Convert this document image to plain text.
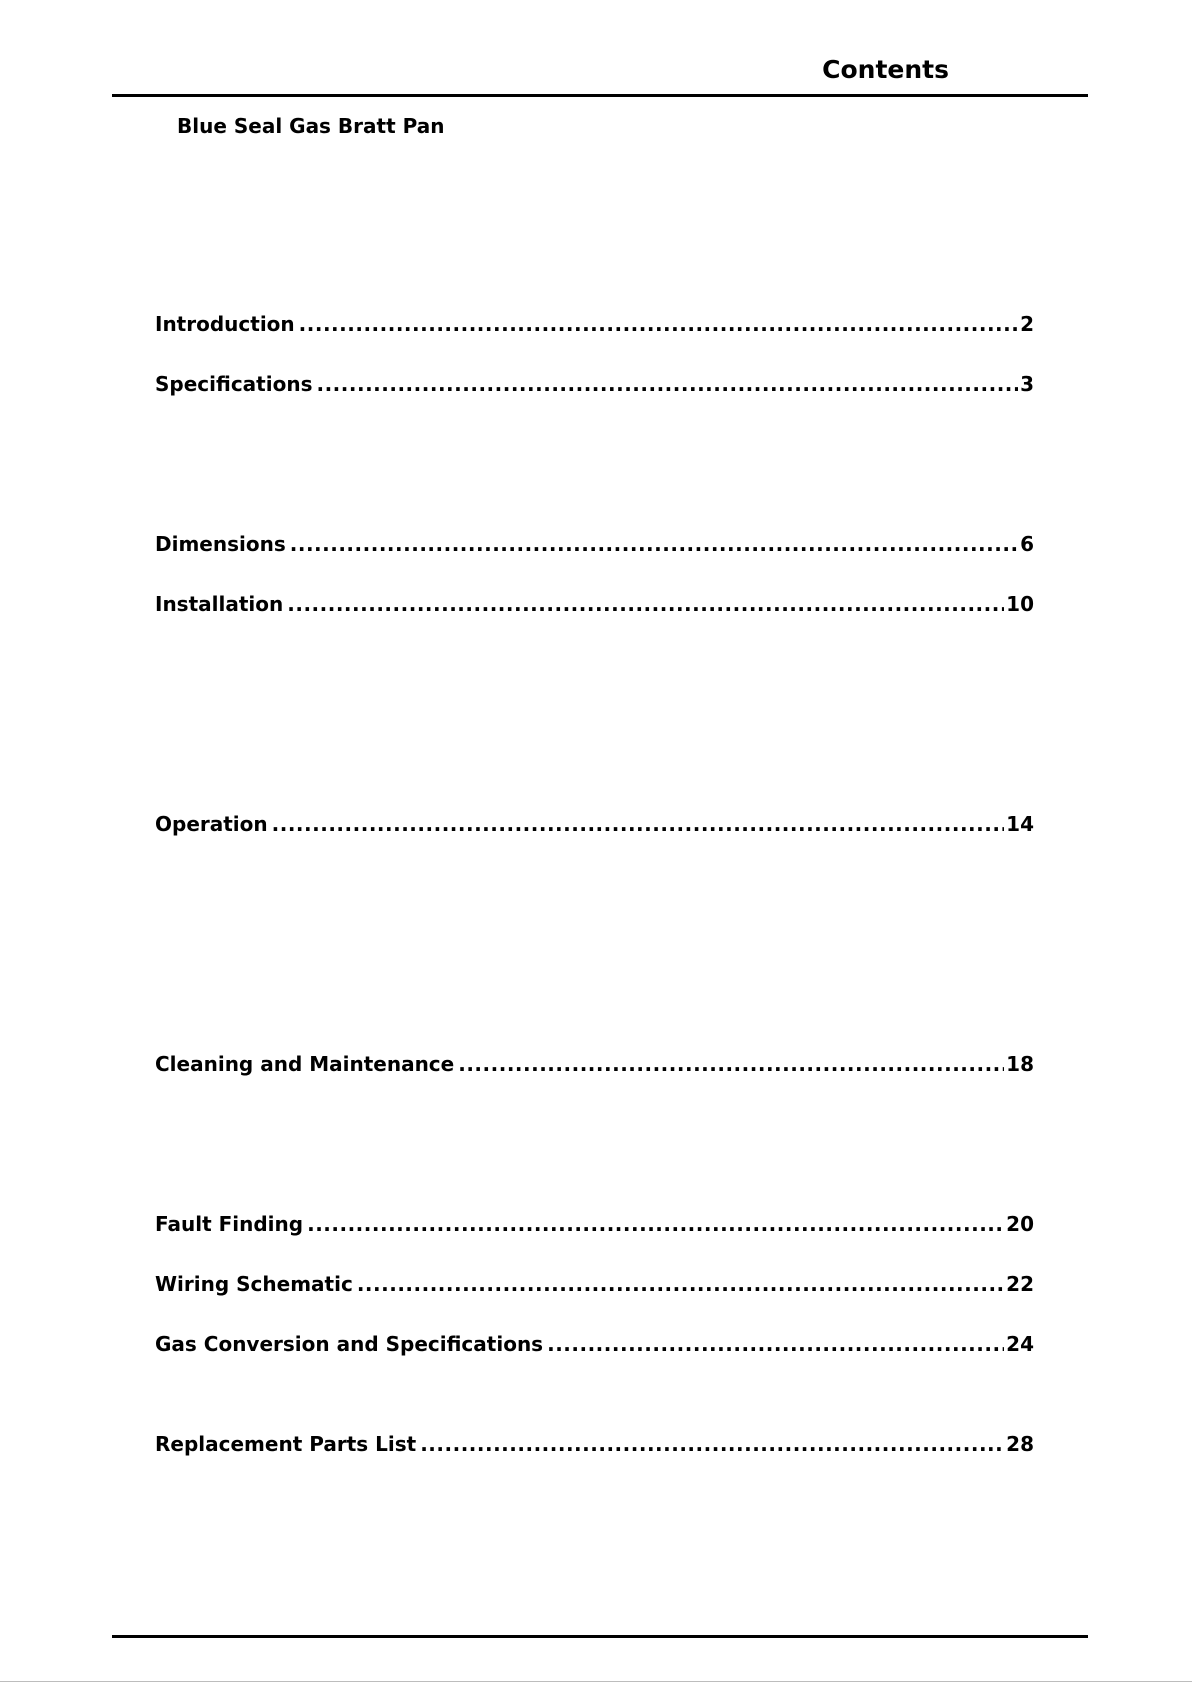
Contents
Blue Seal Gas Bratt Pan
Introduction .....	2
Specifications .....	3
Dimensions .....	6
Installation .....	10
Operation .....	14
Cleaning and Maintenance .....	18
Fault Finding .....	20
Wiring Schematic .....	22
Gas Conversion and Specifications .....	24
Replacement Parts List .....	28
